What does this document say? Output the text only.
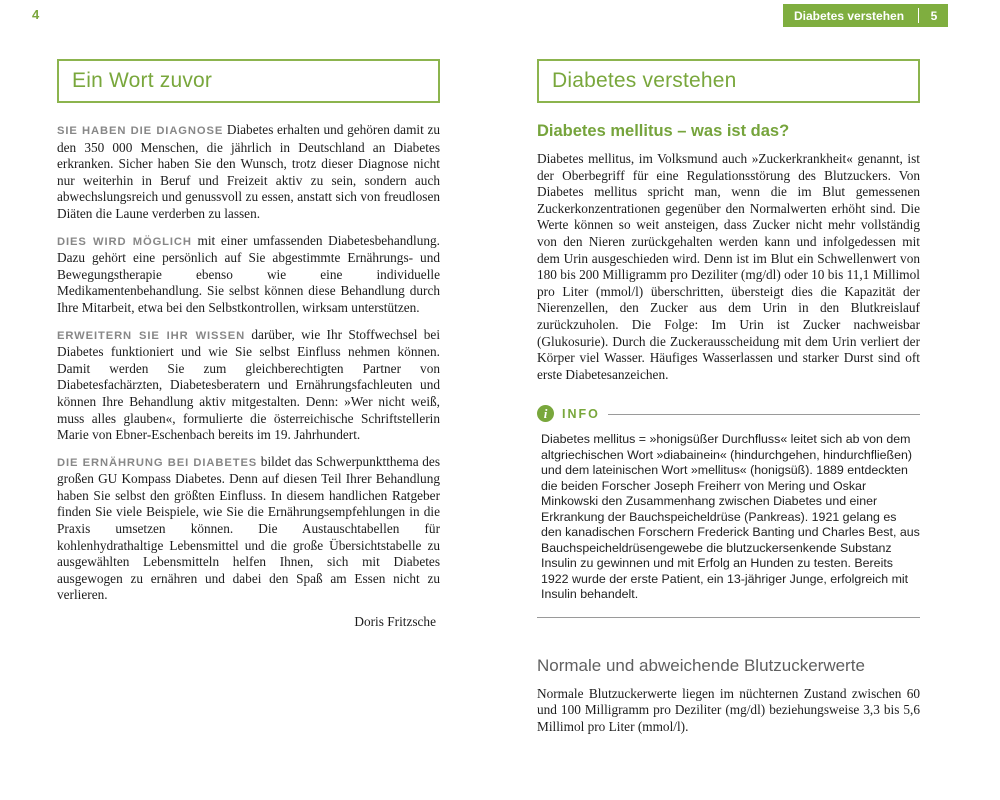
4	Diabetes verstehen	5
Ein Wort zuvor

SIE HABEN DIE DIAGNOSE Diabetes erhalten und gehören damit zu den 350 000 Menschen, die jährlich in Deutschland an Diabetes erkranken. Sicher haben Sie den Wunsch, trotz dieser Diagnose nicht nur weiterhin in Beruf und Freizeit aktiv zu sein, sondern auch abwechslungsreich und genussvoll zu essen, anstatt sich von freudlosen Diäten die Laune verderben zu lassen.

DIES WIRD MÖGLICH mit einer umfassenden Diabetesbehandlung. Dazu gehört eine persönlich auf Sie abgestimmte Ernährungs- und Bewegungstherapie ebenso wie eine individuelle Medikamentenbehandlung. Sie selbst können diese Behandlung durch Ihre Mitarbeit, etwa bei den Selbstkontrollen, wirksam unterstützen.

ERWEITERN SIE IHR WISSEN darüber, wie Ihr Stoffwechsel bei Diabetes funktioniert und wie Sie selbst Einfluss nehmen können. Damit werden Sie zum gleichberechtigten Partner von Diabetesfachärzten, Diabetesberatern und Ernährungsfachleuten und können Ihre Behandlung aktiv mitgestalten. Denn: »Wer nicht weiß, muss alles glauben«, formulierte die österreichische Schriftstellerin Marie von Ebner-Eschenbach bereits im 19. Jahrhundert.

DIE ERNÄHRUNG BEI DIABETES bildet das Schwerpunktthema des großen GU Kompass Diabetes. Denn auf diesen Teil Ihrer Behandlung haben Sie selbst den größten Einfluss. In diesem handlichen Ratgeber finden Sie viele Beispiele, wie Sie die Ernährungsempfehlungen in die Praxis umsetzen können. Die Austauschtabellen für kohlenhydrathaltige Lebensmittel und die große Übersichtstabelle zu ausgewählten Lebensmitteln helfen Ihnen, sich mit Diabetes ausgewogen zu ernähren und dabei den Spaß am Essen nicht zu verlieren.

Doris Fritzsche
Diabetes verstehen
Diabetes mellitus – was ist das?

Diabetes mellitus, im Volksmund auch »Zuckerkrankheit« genannt, ist der Oberbegriff für eine Regulationsstörung des Blutzuckers. Von Diabetes mellitus spricht man, wenn die im Blut gemessenen Zuckerkonzentrationen gegenüber den Normalwerten erhöht sind. Die Werte können so weit ansteigen, dass Zucker nicht mehr vollständig von den Nieren zurückgehalten werden kann und infolgedessen mit dem Urin ausgeschieden wird. Denn ist im Blut ein Schwellenwert von 180 bis 200 Milligramm pro Deziliter (mg/dl) oder 10 bis 11,1 Millimol pro Liter (mmol/l) überschritten, übersteigt dies die Kapazität der Nierenzellen, den Zucker aus dem Urin in den Blutkreislauf zurückzuholen. Die Folge: Im Urin ist Zucker nachweisbar (Glukosurie). Durch die Zuckerausscheidung mit dem Urin verliert der Körper viel Wasser. Häufiges Wasserlassen und starker Durst sind oft erste Diabetesanzeichen.

i	INFO

Diabetes mellitus = »honigsüßer Durchfluss« leitet sich ab von dem altgriechischen Wort »diabainein« (hindurchgehen, hindurchfließen) und dem lateinischen Wort »mellitus« (honigsüß). 1889 entdeckten die beiden Forscher Joseph Freiherr von Mering und Oskar Minkowski den Zusammenhang zwischen Diabetes und einer Erkrankung der Bauchspeicheldrüse (Pankreas). 1921 gelang es den kanadischen Forschern Frederick Banting und Charles Best, aus Bauchspeicheldrüsengewebe die blutzuckersenkende Substanz Insulin zu gewinnen und mit Erfolg an Hunden zu testen. Bereits 1922 wurde der erste Patient, ein 13-jähriger Junge, erfolgreich mit Insulin behandelt.

Normale und abweichende Blutzuckerwerte

Normale Blutzuckerwerte liegen im nüchternen Zustand zwischen 60 und 100 Milligramm pro Deziliter (mg/dl) beziehungsweise 3,3 bis 5,6 Millimol pro Liter (mmol/l).
